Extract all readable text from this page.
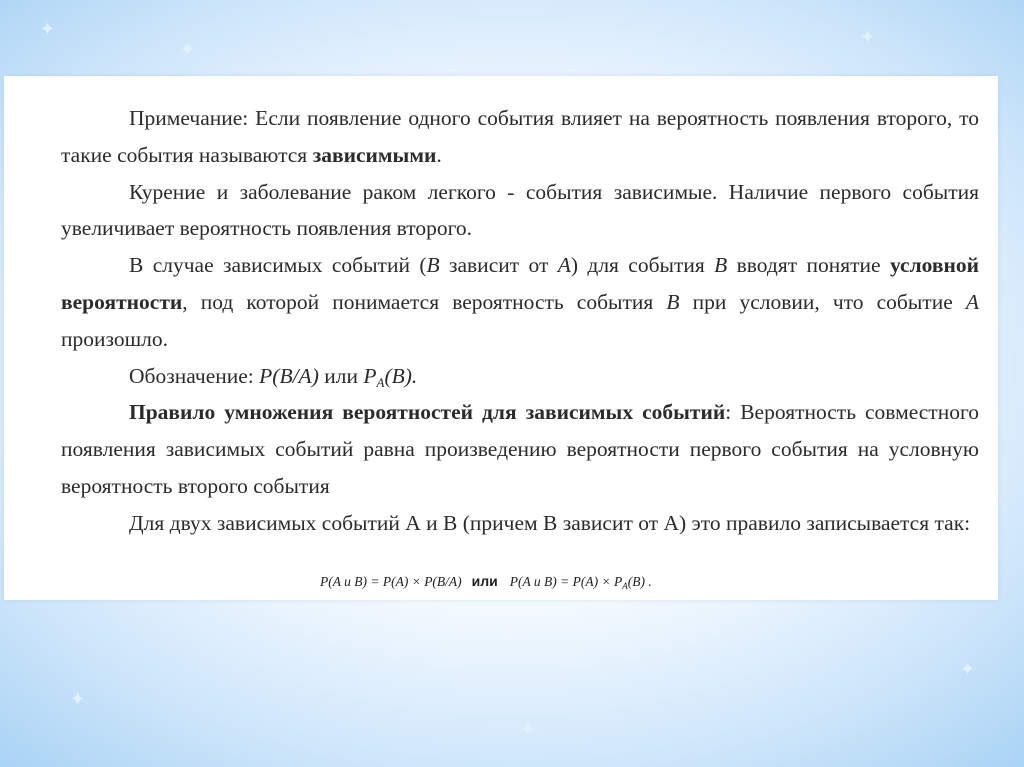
✦
✦
✦
✦
✦
✦

Примечание: Если появление одного события влияет на вероятность появления второго, то такие события называются зависимыми.

Курение и заболевание раком легкого - события зависимые. Наличие первого события увеличивает вероятность появления второго.

В случае зависимых событий (В зависит от А) для события В вводят понятие условной вероятности, под которой понимается вероятность события В при условии, что событие А произошло.

Обозначение: Р(В/А) или $Р_А(В)$.

Правило умножения вероятностей для зависимых событий: Вероятность совместного появления зависимых событий равна произведению вероятности первого события на условную вероятность второго события

Для двух зависимых событий А и В (причем В зависит от А) это правило записывается так:

P(A и B) = P(A) × P(B/A) или P(A и $B) = P(A) \times P_A(B)$ .
